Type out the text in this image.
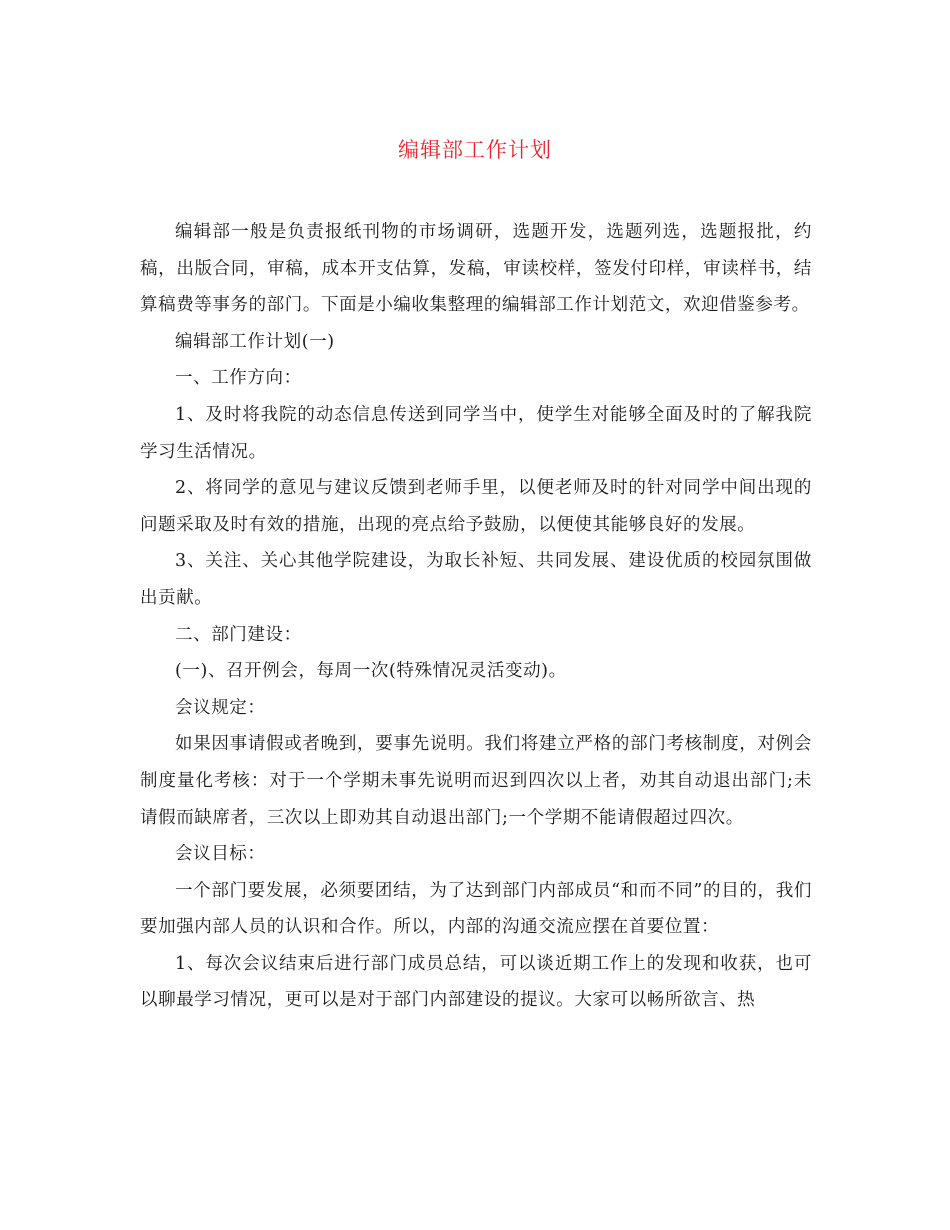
编辑部工作计划

编辑部一般是负责报纸刊物的市场调研，选题开发，选题列选，选题报批，约稿，出版合同，审稿，成本开支估算，发稿，审读校样，签发付印样，审读样书，结算稿费等事务的部门。下面是小编收集整理的编辑部工作计划范文，欢迎借鉴参考。

编辑部工作计划(一)

一、工作方向：

1、及时将我院的动态信息传送到同学当中，使学生对能够全面及时的了解我院学习生活情况。

2、将同学的意见与建议反馈到老师手里，以便老师及时的针对同学中间出现的问题采取及时有效的措施，出现的亮点给予鼓励，以便使其能够良好的发展。

3、关注、关心其他学院建设，为取长补短、共同发展、建设优质的校园氛围做出贡献。

二、部门建设：

(一)、召开例会，每周一次(特殊情况灵活变动)。

会议规定：

如果因事请假或者晚到，要事先说明。我们将建立严格的部门考核制度，对例会制度量化考核：对于一个学期未事先说明而迟到四次以上者，劝其自动退出部门;未请假而缺席者，三次以上即劝其自动退出部门;一个学期不能请假超过四次。

会议目标：

一个部门要发展，必须要团结，为了达到部门内部成员“和而不同”的目的，我们要加强内部人员的认识和合作。所以，内部的沟通交流应摆在首要位置：

1、每次会议结束后进行部门成员总结，可以谈近期工作上的发现和收获，也可以聊最学习情况，更可以是对于部门内部建设的提议。大家可以畅所欲言、热
